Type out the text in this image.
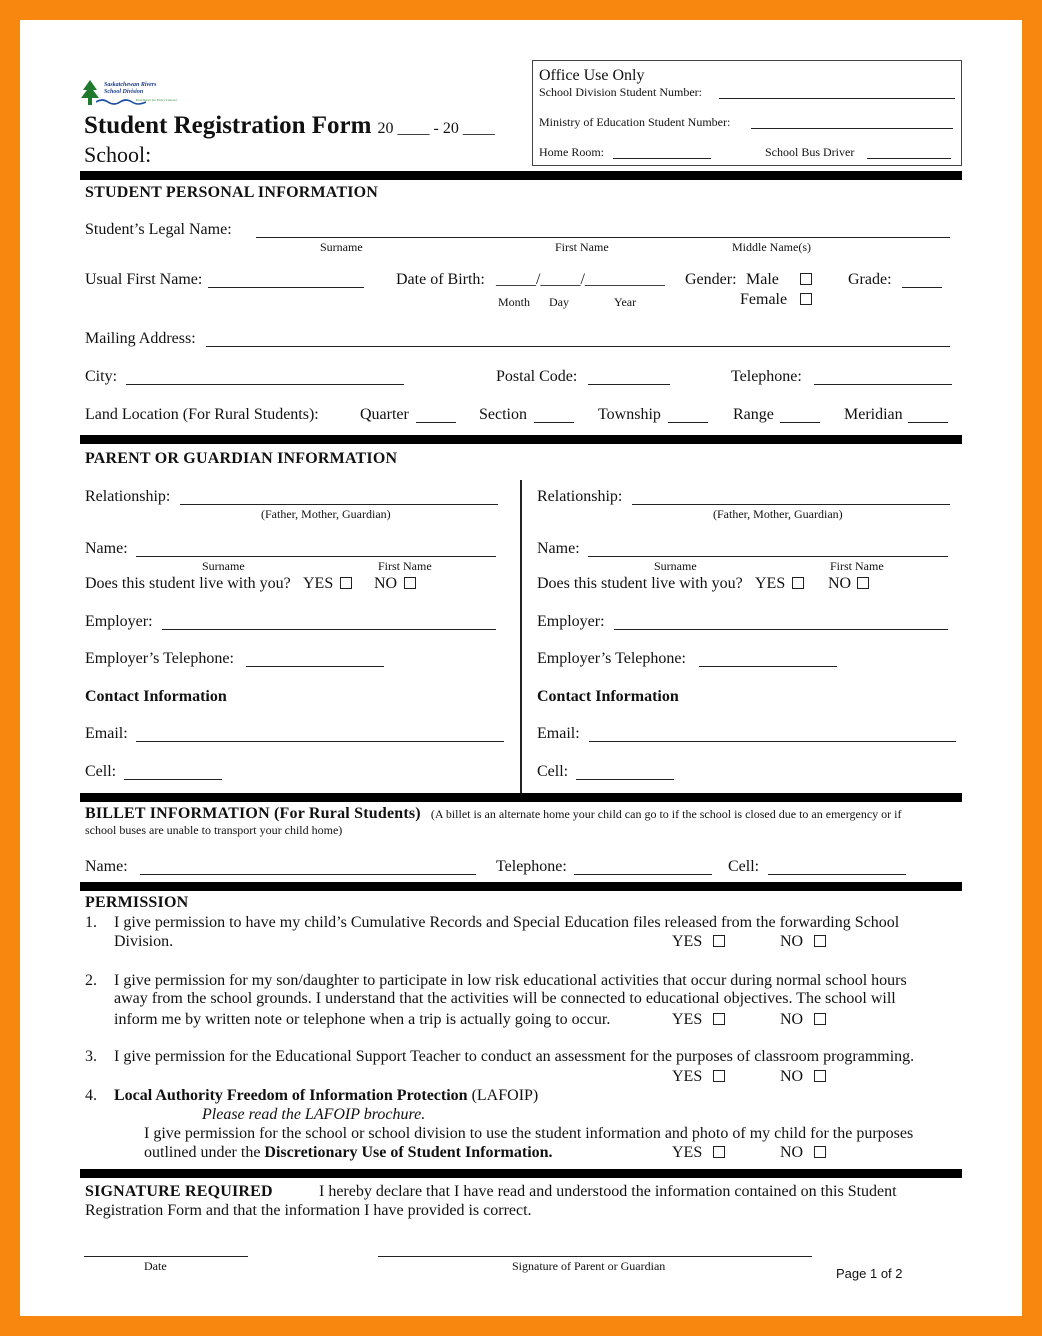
Saskatchewan Rivers
School Division
Excellence for Every Learner
Student Registration Form 20 ____ - 20 ____
School:
Office Use Only
School Division Student Number:
Ministry of Education Student Number:
Home Room:	School Bus Driver
STUDENT PERSONAL INFORMATION
Student’s Legal Name:
Surname	First Name	Middle Name(s)
Usual First Name:	Date of Birth: _____/_____/__________
Month Day	Year
Gender: Male
Female
Grade:
Mailing Address:
City:	Postal Code:	Telephone:
Land Location (For Rural Students):	Quarter	Section	Township	Range	Meridian
PARENT OR GUARDIAN INFORMATION
Relationship:
(Father, Mother, Guardian)
Name:
Surname	First Name
Does this student live with you? YES	NO
Employer:
Employer’s Telephone:
Contact Information
Email:
Cell:
Relationship:
(Father, Mother, Guardian)
Name:
Surname	First Name
Does this student live with you? YES	NO
Employer:
Employer’s Telephone:
Contact Information
Email:
Cell:
BILLET INFORMATION (For Rural Students) (A billet is an alternate home your child can go to if the school is closed due to an emergency or if
school buses are unable to transport your child home)
Name:	Telephone:	Cell:
PERMISSION
1. I give permission to have my child’s Cumulative Records and Special Education files released from the forwarding School
Division.	YES	NO
2. I give permission for my son/daughter to participate in low risk educational activities that occur during normal school hours
away from the school grounds. I understand that the activities will be connected to educational objectives. The school will
inform me by written note or telephone when a trip is actually going to occur.	YES	NO
3. I give permission for the Educational Support Teacher to conduct an assessment for the purposes of classroom programming.
YES	NO
4. Local Authority Freedom of Information Protection (LAFOIP)
Please read the LAFOIP brochure.
I give permission for the school or school division to use the student information and photo of my child for the purposes
outlined under the Discretionary Use of Student Information.	YES	NO
SIGNATURE REQUIRED	I hereby declare that I have read and understood the information contained on this Student
Registration Form and that the information I have provided is correct.
Date	Signature of Parent or Guardian	Page 1 of 2
